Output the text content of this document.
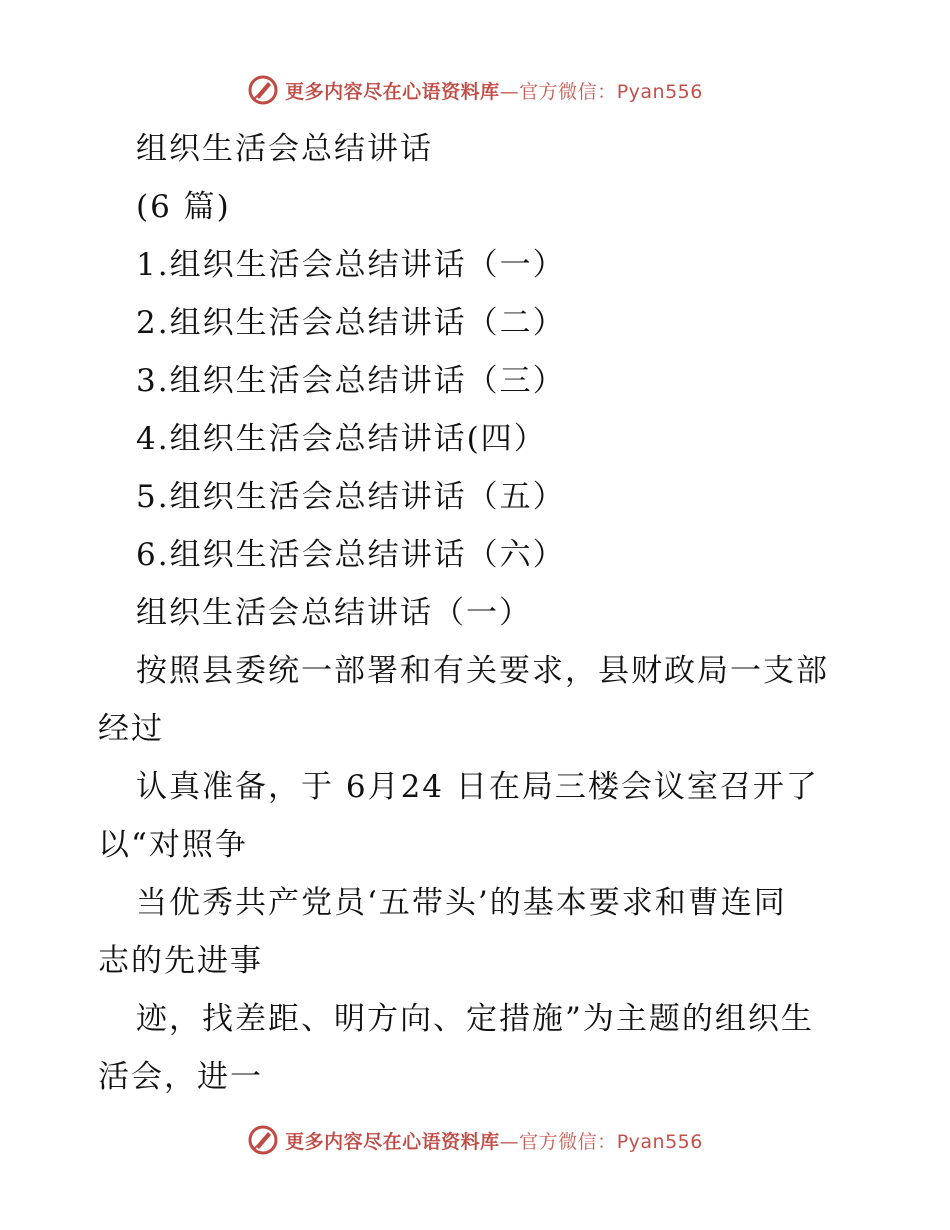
更多内容尽在心语资料库—官方微信：Pyan556
组织生活会总结讲话
(6 篇)
1.组织生活会总结讲话（一）
2.组织生活会总结讲话（二）
3.组织生活会总结讲话（三）
4.组织生活会总结讲话(四）
5.组织生活会总结讲话（五）
6.组织生活会总结讲话（六）
组织生活会总结讲话（一）
按照县委统一部署和有关要求，县财政局一支部
经过
认真准备，于 6月24 日在局三楼会议室召开了
以“对照争
当优秀共产党员‘五带头’的基本要求和曹连同
志的先进事
迹，找差距、明方向、定措施”为主题的组织生
活会，进一
更多内容尽在心语资料库—官方微信：Pyan556
